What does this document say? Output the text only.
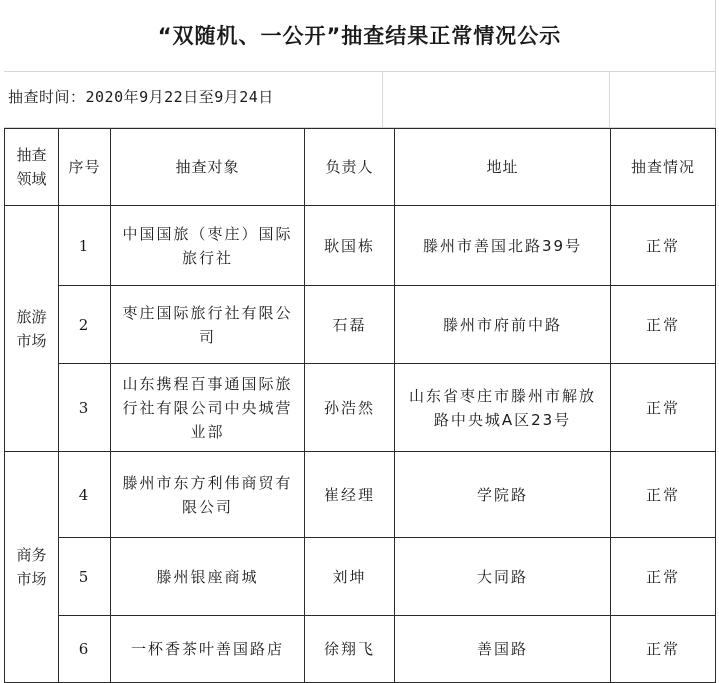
“双随机、一公开”抽查结果正常情况公示
抽查时间：2020年9月22日至9月24日
抽查领域	序号	抽查对象	负责人	地址	抽查情况
旅游市场	1	中国国旅（枣庄）国际旅行社	耿国栋	滕州市善国北路39号	正常
	2	枣庄国际旅行社有限公司	石磊	滕州市府前中路	正常
	3	山东携程百事通国际旅行社有限公司中央城营业部	孙浩然	山东省枣庄市滕州市解放路中央城A区23号	正常
商务市场	4	滕州市东方利伟商贸有限公司	崔经理	学院路	正常
	5	滕州银座商城	刘坤	大同路	正常
	6	一杯香茶叶善国路店	徐翔飞	善国路	正常
